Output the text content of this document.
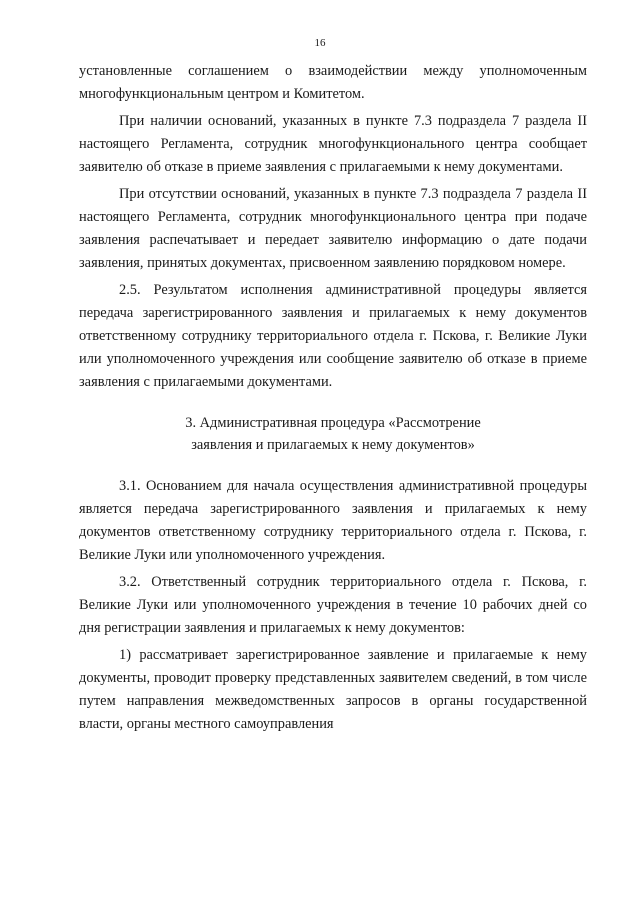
16

установленные соглашением о взаимодействии между уполномоченным многофункциональным центром и Комитетом.

При наличии оснований, указанных в пункте 7.3 подраздела 7 раздела II настоящего Регламента, сотрудник многофункционального центра сообщает заявителю об отказе в приеме заявления с прилагаемыми к нему документами.

При отсутствии оснований, указанных в пункте 7.3 подраздела 7 раздела II настоящего Регламента, сотрудник многофункционального центра при подаче заявления распечатывает и передает заявителю информацию о дате подачи заявления, принятых документах, присвоенном заявлению порядковом номере.

2.5. Результатом исполнения административной процедуры является передача зарегистрированного заявления и прилагаемых к нему документов ответственному сотруднику территориального отдела г. Пскова, г. Великие Луки или уполномоченного учреждения или сообщение заявителю об отказе в приеме заявления с прилагаемыми документами.

3. Административная процедура «Рассмотрение
заявления и прилагаемых к нему документов»

3.1. Основанием для начала осуществления административной процедуры является передача зарегистрированного заявления и прилагаемых к нему документов ответственному сотруднику территориального отдела г. Пскова, г. Великие Луки или уполномоченного учреждения.

3.2. Ответственный сотрудник территориального отдела г. Пскова, г. Великие Луки или уполномоченного учреждения в течение 10 рабочих дней со дня регистрации заявления и прилагаемых к нему документов:

1) рассматривает зарегистрированное заявление и прилагаемые к нему документы, проводит проверку представленных заявителем сведений, в том числе путем направления межведомственных запросов в органы государственной власти, органы местного самоуправления
